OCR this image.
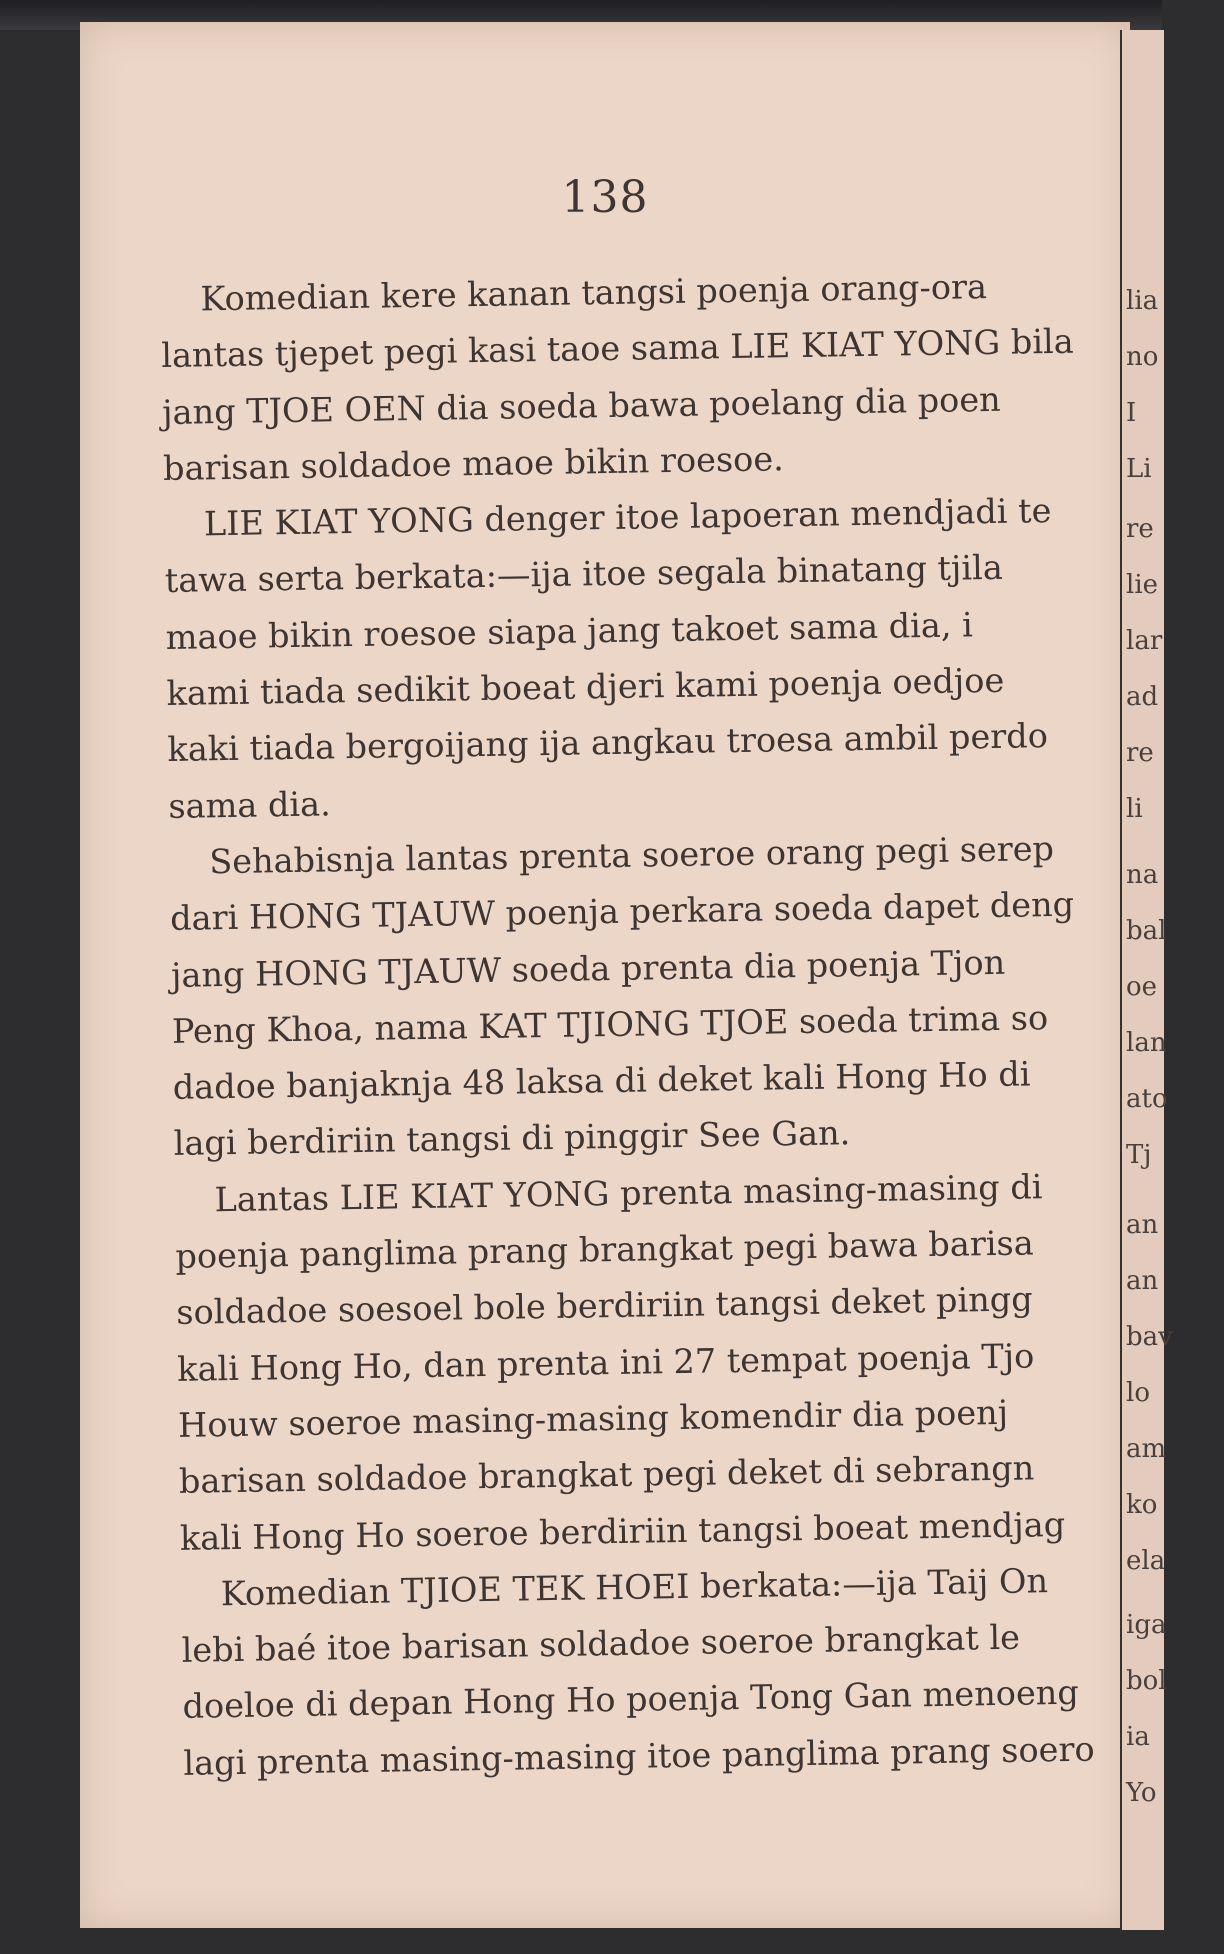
138
Komedian kere kanan tangsi poenja orang-ora
lantas tjepet pegi kasi taoe sama LIE KIAT YONG bila
jang TJOE OEN dia soeda bawa poelang dia poen
barisan soldadoe maoe bikin roesoe.
LIE KIAT YONG denger itoe lapoeran mendjadi te
tawa serta berkata:—ija itoe segala binatang tjila
maoe bikin roesoe siapa jang takoet sama dia, i
kami tiada sedikit boeat djeri kami poenja oedjoe
kaki tiada bergoijang ija angkau troesa ambil perdo
sama dia.
Sehabisnja lantas prenta soeroe orang pegi serep
dari HONG TJAUW poenja perkara soeda dapet deng
jang HONG TJAUW soeda prenta dia poenja Tjon
Peng Khoa, nama KAT TJIONG TJOE soeda trima so
dadoe banjaknja 48 laksa di deket kali Hong Ho di
lagi berdiriin tangsi di pinggir See Gan.
Lantas LIE KIAT YONG prenta masing-masing di
poenja panglima prang brangkat pegi bawa barisa
soldadoe soesoel bole berdiriin tangsi deket pingg
kali Hong Ho, dan prenta ini 27 tempat poenja Tjo
Houw soeroe masing-masing komendir dia poenj
barisan soldadoe brangkat pegi deket di sebrangn
kali Hong Ho soeroe berdiriin tangsi boeat mendjag
Komedian TJIOE TEK HOEI berkata:—ija Taij On
lebi baé itoe barisan soldadoe soeroe brangkat le
doeloe di depan Hong Ho poenja Tong Gan menoeng
lagi prenta masing-masing itoe panglima prang soero
lia
no
I
Li
re
lie
lar
ad
re
li
na
bal
oe
lan
ato
Tj
an
an
bav
lo
am
ko
ela
iga
bol
ia
Yo
